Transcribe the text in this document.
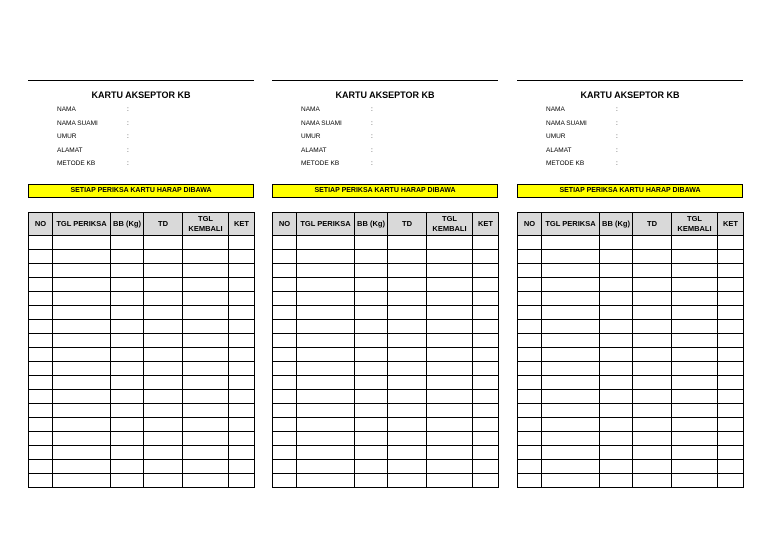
KARTU AKSEPTOR KB
NAMA	:
NAMA SUAMI	:
UMUR	:
ALAMAT	:
METODE KB	:
SETIAP PERIKSA KARTU HARAP DIBAWA
NO	TGL PERIKSA	BB (Kg)	TD	TGL KEMBALI	KET

KARTU AKSEPTOR KB
NAMA	:
NAMA SUAMI	:
UMUR	:
ALAMAT	:
METODE KB	:
SETIAP PERIKSA KARTU HARAP DIBAWA
NO	TGL PERIKSA	BB (Kg)	TD	TGL KEMBALI	KET

KARTU AKSEPTOR KB
NAMA	:
NAMA SUAMI	:
UMUR	:
ALAMAT	:
METODE KB	:
SETIAP PERIKSA KARTU HARAP DIBAWA
NO	TGL PERIKSA	BB (Kg)	TD	TGL KEMBALI	KET
